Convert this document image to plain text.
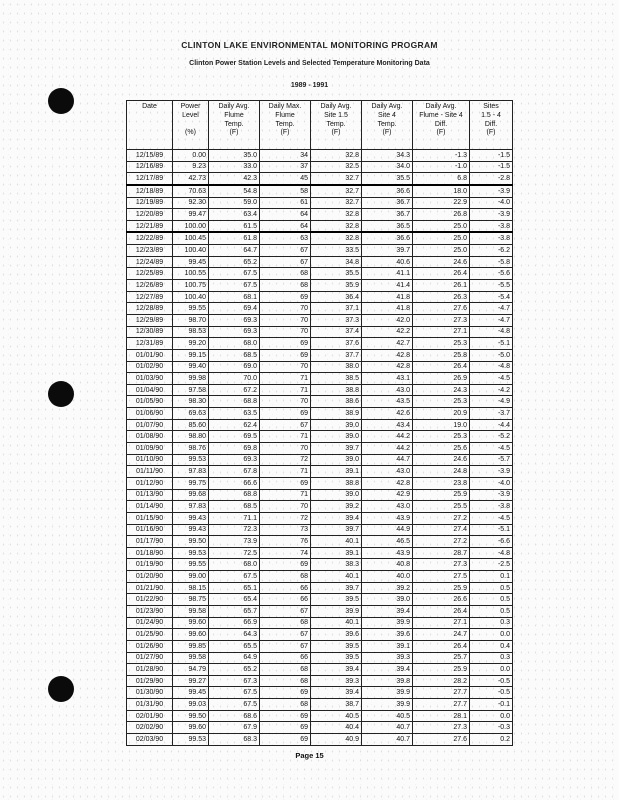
CLINTON LAKE ENVIRONMENTAL MONITORING PROGRAM
Clinton Power Station Levels and Selected Temperature Monitoring Data
1989 - 1991
Date	Power
Level

(%)	Daily Avg.
Flume
Temp.
(F)	Daily Max.
Flume
Temp.
(F)	Daily Avg.
Site 1.5
Temp.
(F)	Daily Avg.
Site 4
Temp.
(F)	Daily Avg.
Flume - Site 4
Diff.
(F)	Sites
1.5 - 4
Diff.
(F)
12/15/89	0.00	35.0	34	32.8	34.3	-1.3	-1.5
12/16/89	9.23	33.0	37	32.5	34.0	-1.0	-1.5
12/17/89	42.73	42.3	45	32.7	35.5	6.8	-2.8
12/18/89	70.63	54.8	58	32.7	36.6	18.0	-3.9
12/19/89	92.30	59.0	61	32.7	36.7	22.9	-4.0
12/20/89	99.47	63.4	64	32.8	36.7	26.8	-3.9
12/21/89	100.00	61.5	64	32.8	36.5	25.0	-3.8
12/22/89	100.45	61.8	63	32.8	36.6	25.0	-3.8
12/23/89	100.40	64.7	67	33.5	39.7	25.0	-6.2
12/24/89	99.45	65.2	67	34.8	40.6	24.6	-5.8
12/25/89	100.55	67.5	68	35.5	41.1	26.4	-5.6
12/26/89	100.75	67.5	68	35.9	41.4	26.1	-5.5
12/27/89	100.40	68.1	69	36.4	41.8	26.3	-5.4
12/28/89	99.55	69.4	70	37.1	41.8	27.6	-4.7
12/29/89	98.70	69.3	70	37.3	42.0	27.3	-4.7
12/30/89	98.53	69.3	70	37.4	42.2	27.1	-4.8
12/31/89	99.20	68.0	69	37.6	42.7	25.3	-5.1
01/01/90	99.15	68.5	69	37.7	42.8	25.8	-5.0
01/02/90	99.40	69.0	70	38.0	42.8	26.4	-4.8
01/03/90	99.98	70.0	71	38.5	43.1	26.9	-4.5
01/04/90	97.58	67.2	71	38.8	43.0	24.3	-4.2
01/05/90	98.30	68.8	70	38.6	43.5	25.3	-4.9
01/06/90	69.63	63.5	69	38.9	42.6	20.9	-3.7
01/07/90	85.60	62.4	67	39.0	43.4	19.0	-4.4
01/08/90	98.80	69.5	71	39.0	44.2	25.3	-5.2
01/09/90	98.76	69.8	70	39.7	44.2	25.6	-4.5
01/10/90	99.53	69.3	72	39.0	44.7	24.6	-5.7
01/11/90	97.83	67.8	71	39.1	43.0	24.8	-3.9
01/12/90	99.75	66.6	69	38.8	42.8	23.8	-4.0
01/13/90	99.68	68.8	71	39.0	42.9	25.9	-3.9
01/14/90	97.83	68.5	70	39.2	43.0	25.5	-3.8
01/15/90	99.43	71.1	72	39.4	43.9	27.2	-4.5
01/16/90	99.43	72.3	73	39.7	44.9	27.4	-5.1
01/17/90	99.50	73.9	76	40.1	46.5	27.2	-6.6
01/18/90	99.53	72.5	74	39.1	43.9	28.7	-4.8
01/19/90	99.55	68.0	69	38.3	40.8	27.3	-2.5
01/20/90	99.00	67.5	68	40.1	40.0	27.5	0.1
01/21/90	98.15	65.1	66	39.7	39.2	25.9	0.5
01/22/90	98.75	65.4	66	39.5	39.0	26.6	0.5
01/23/90	99.58	65.7	67	39.9	39.4	26.4	0.5
01/24/90	99.60	66.9	68	40.1	39.9	27.1	0.3
01/25/90	99.60	64.3	67	39.6	39.6	24.7	0.0
01/26/90	99.85	65.5	67	39.5	39.1	26.4	0.4
01/27/90	99.58	64.9	66	39.5	39.3	25.7	0.3
01/28/90	94.79	65.2	68	39.4	39.4	25.9	0.0
01/29/90	99.27	67.3	68	39.3	39.8	28.2	-0.5
01/30/90	99.45	67.5	69	39.4	39.9	27.7	-0.5
01/31/90	99.03	67.5	68	38.7	39.9	27.7	-0.1
02/01/90	99.50	68.6	69	40.5	40.5	28.1	0.0
02/02/90	99.60	67.9	69	40.4	40.7	27.3	-0.3
02/03/90	99.53	68.3	69	40.9	40.7	27.6	0.2
Page 15
